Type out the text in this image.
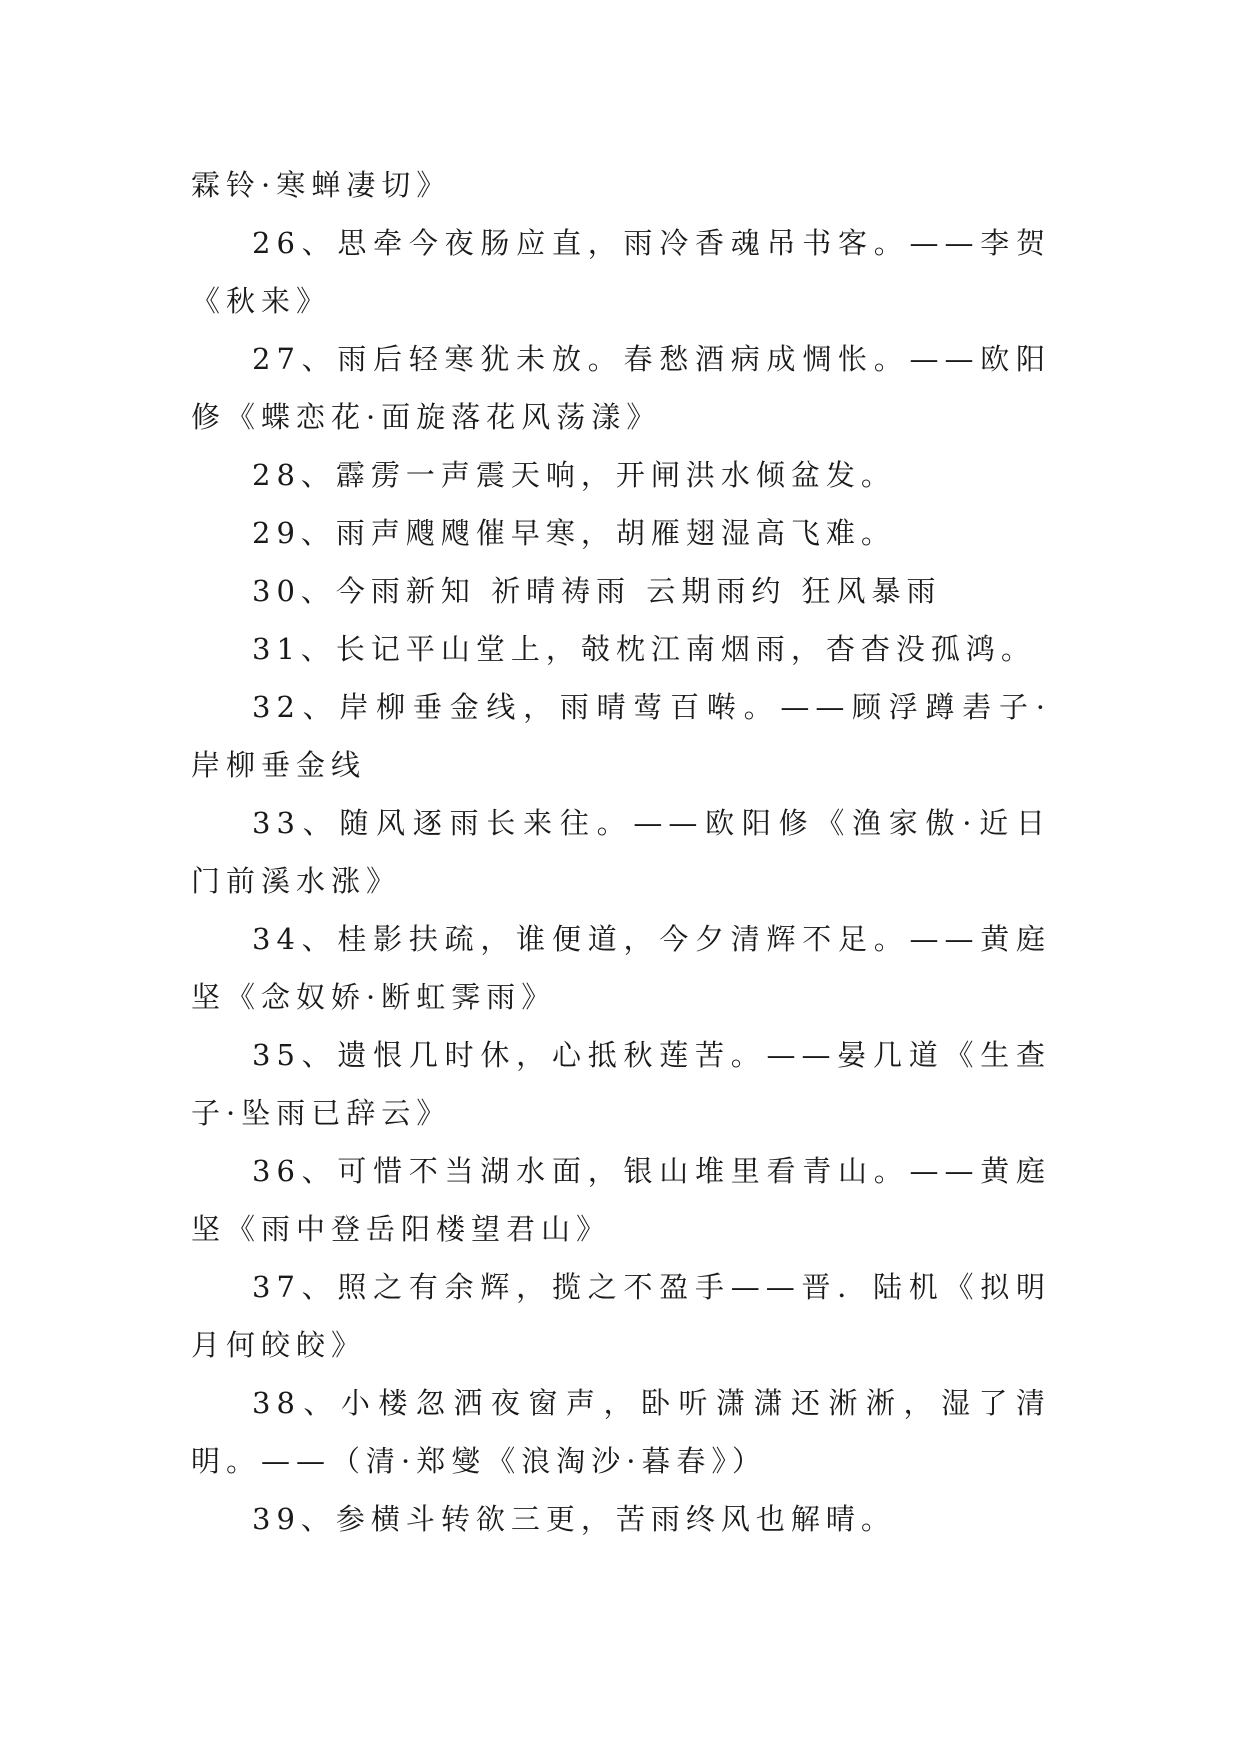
霖铃·寒蝉凄切》

26、思牵今夜肠应直，雨冷香魂吊书客。——李贺《秋来》

27、雨后轻寒犹未放。春愁酒病成惆怅。——欧阳修《蝶恋花·面旋落花风荡漾》

28、霹雳一声震天响，开闸洪水倾盆发。

29、雨声飕飕催早寒，胡雁翅湿高飞难。

30、今雨新知 祈晴祷雨 云期雨约 狂风暴雨

31、长记平山堂上，攲枕江南烟雨，杳杳没孤鸿。

32、岸柳垂金线，雨晴莺百啭。——顾浮蹲砉子·岸柳垂金线

33、随风逐雨长来往。——欧阳修《渔家傲·近日门前溪水涨》

34、桂影扶疏，谁便道，今夕清辉不足。——黄庭坚《念奴娇·断虹霁雨》

35、遗恨几时休，心抵秋莲苦。——晏几道《生查子·坠雨已辞云》

36、可惜不当湖水面，银山堆里看青山。——黄庭坚《雨中登岳阳楼望君山》

37、照之有余辉，揽之不盈手——晋．陆机《拟明月何皎皎》

38、小楼忽洒夜窗声，卧听潇潇还淅淅，湿了清明。——（清·郑燮《浪淘沙·暮春》）

39、参横斗转欲三更，苦雨终风也解晴。
